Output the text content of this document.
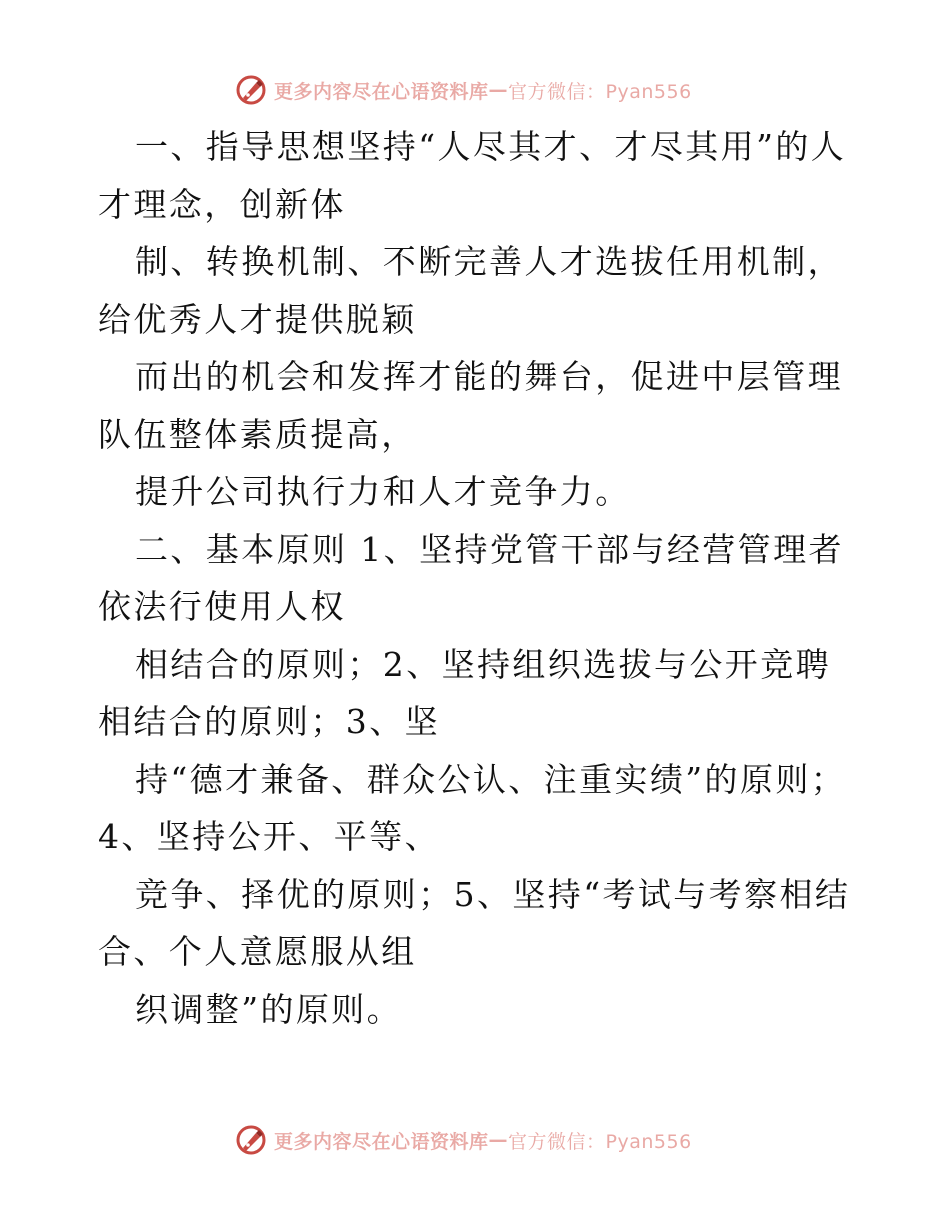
更多内容尽在心语资料库 — 官方微信：Pyan556

一、指导思想坚持“人尽其才、才尽其用”的人才理念，创新体

制、转换机制、不断完善人才选拔任用机制，给优秀人才提供脱颖

而出的机会和发挥才能的舞台，促进中层管理队伍整体素质提高，

提升公司执行力和人才竞争力。

二、基本原则 1、坚持党管干部与经营管理者依法行使用人权

相结合的原则；2、坚持组织选拔与公开竞聘相结合的原则；3、坚

持“德才兼备、群众公认、注重实绩”的原则；4、坚持公开、平等、

竞争、择优的原则；5、坚持“考试与考察相结合、个人意愿服从组

织调整”的原则。

更多内容尽在心语资料库 — 官方微信：Pyan556
